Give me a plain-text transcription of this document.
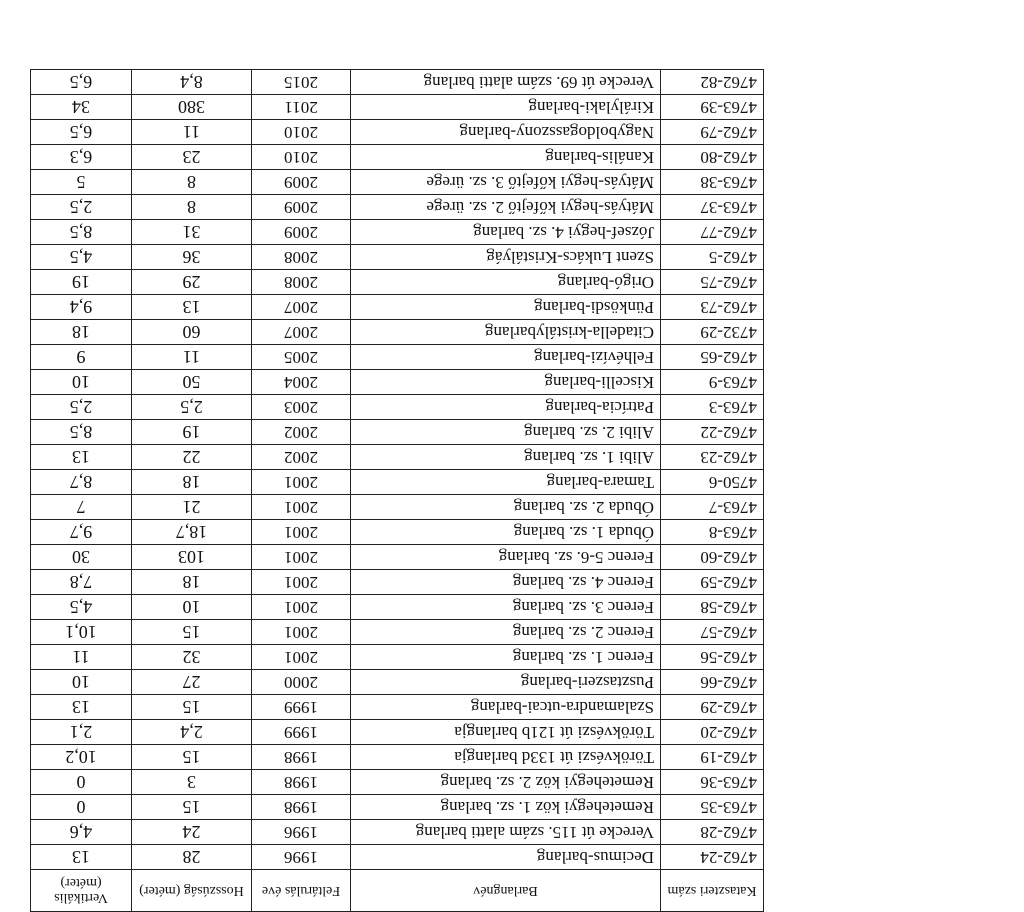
Kataszteri szám	Barlangnév	Feltárulás éve	Hosszúság (méter)	Vertikális (méter)
4762-24	Decimus-barlang	1996	28	13
4762-28	Verecke út 115. szám alatti barlang	1996	24	4,6
4763-35	Remetehegyi köz 1. sz. barlang	1998	15	0
4763-36	Remetehegyi köz 2. sz. barlang	1998	3	0
4762-19	Törökvészi út 133d barlangja	1998	15	10,2
4762-20	Törökvészi út 121b barlangja	1999	2,4	2,1
4762-29	Szalamandra-utcai-barlang	1999	15	13
4762-66	Pusztaszeri-barlang	2000	27	10
4762-56	Ferenc 1. sz. barlang	2001	32	11
4762-57	Ferenc 2. sz. barlang	2001	15	10,1
4762-58	Ferenc 3. sz. barlang	2001	10	4,5
4762-59	Ferenc 4. sz. barlang	2001	18	7,8
4762-60	Ferenc 5-6. sz. barlang	2001	103	30
4763-8	Óbuda 1. sz. barlang	2001	18,7	9,7
4763-7	Óbuda 2. sz. barlang	2001	21	7
4750-6	Tamara-barlang	2001	18	8,7
4762-23	Alibi 1. sz. barlang	2002	22	13
4762-22	Alibi 2. sz. barlang	2002	19	8,5
4763-3	Patrícia-barlang	2003	2,5	2,5
4763-9	Kiscelli-barlang	2004	50	10
4762-65	Felhévízi-barlang	2005	11	9
4732-29	Citadella-kristálybarlang	2007	60	18
4762-73	Pünkösdi-barlang	2007	13	9,4
4762-75	Origó-barlang	2008	29	19
4762-5	Szent Lukács-Kristályág	2008	36	4,5
4762-77	József-hegyi 4. sz. barlang	2009	31	8,5
4763-37	Mátyás-hegyi kőfejtő 2. sz. ürege	2009	8	2,5
4763-38	Mátyás-hegyi kőfejtő 3. sz. ürege	2009	8	5
4762-80	Kanális-barlang	2010	23	6,3
4762-79	Nagyboldogasszony-barlang	2010	11	6,5
4763-39	Királylaki-barlang	2011	380	34
4762-82	Verecke út 69. szám alatti barlang	2015	8,4	6,5
